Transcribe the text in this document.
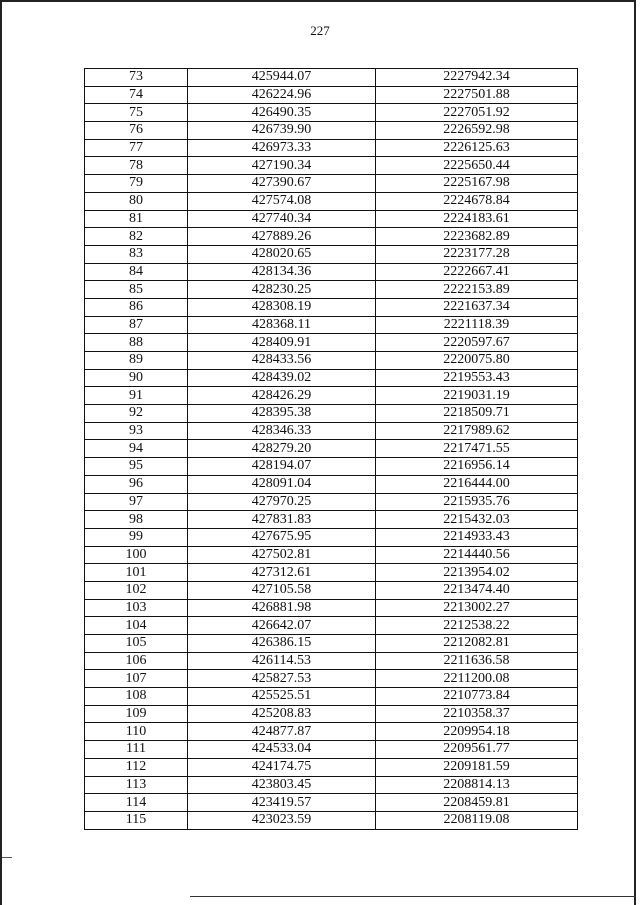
227
73	425944.07	2227942.34
74	426224.96	2227501.88
75	426490.35	2227051.92
76	426739.90	2226592.98
77	426973.33	2226125.63
78	427190.34	2225650.44
79	427390.67	2225167.98
80	427574.08	2224678.84
81	427740.34	2224183.61
82	427889.26	2223682.89
83	428020.65	2223177.28
84	428134.36	2222667.41
85	428230.25	2222153.89
86	428308.19	2221637.34
87	428368.11	2221118.39
88	428409.91	2220597.67
89	428433.56	2220075.80
90	428439.02	2219553.43
91	428426.29	2219031.19
92	428395.38	2218509.71
93	428346.33	2217989.62
94	428279.20	2217471.55
95	428194.07	2216956.14
96	428091.04	2216444.00
97	427970.25	2215935.76
98	427831.83	2215432.03
99	427675.95	2214933.43
100	427502.81	2214440.56
101	427312.61	2213954.02
102	427105.58	2213474.40
103	426881.98	2213002.27
104	426642.07	2212538.22
105	426386.15	2212082.81
106	426114.53	2211636.58
107	425827.53	2211200.08
108	425525.51	2210773.84
109	425208.83	2210358.37
110	424877.87	2209954.18
111	424533.04	2209561.77
112	424174.75	2209181.59
113	423803.45	2208814.13
114	423419.57	2208459.81
115	423023.59	2208119.08
